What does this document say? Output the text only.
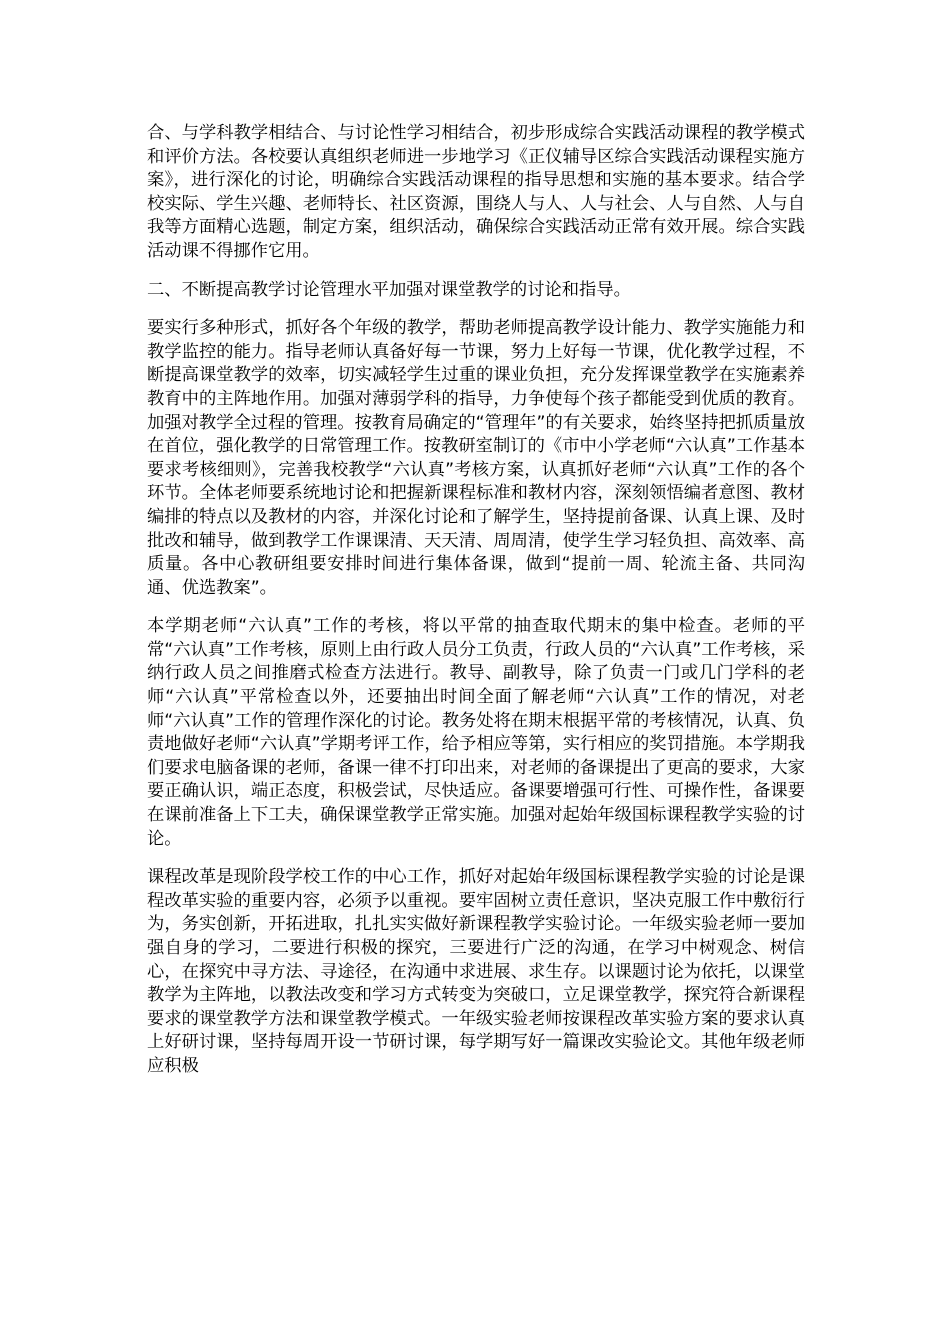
合、与学科教学相结合、与讨论性学习相结合，初步形成综合实践活动课程的教学模式和评价方法。各校要认真组织老师进一步地学习《正仪辅导区综合实践活动课程实施方案》，进行深化的讨论，明确综合实践活动课程的指导思想和实施的基本要求。结合学校实际、学生兴趣、老师特长、社区资源，围绕人与人、人与社会、人与自然、人与自我等方面精心选题，制定方案，组织活动，确保综合实践活动正常有效开展。综合实践活动课不得挪作它用。

二、不断提高教学讨论管理水平加强对课堂教学的讨论和指导。

要实行多种形式，抓好各个年级的教学，帮助老师提高教学设计能力、教学实施能力和教学监控的能力。指导老师认真备好每一节课，努力上好每一节课，优化教学过程，不断提高课堂教学的效率，切实减轻学生过重的课业负担，充分发挥课堂教学在实施素养教育中的主阵地作用。加强对薄弱学科的指导，力争使每个孩子都能受到优质的教育。加强对教学全过程的管理。按教育局确定的“管理年”的有关要求，始终坚持把抓质量放在首位，强化教学的日常管理工作。按教研室制订的《市中小学老师“六认真”工作基本要求考核细则》，完善我校教学“六认真”考核方案，认真抓好老师“六认真”工作的各个环节。全体老师要系统地讨论和把握新课程标准和教材内容，深刻领悟编者意图、教材编排的特点以及教材的内容，并深化讨论和了解学生，坚持提前备课、认真上课、及时批改和辅导，做到教学工作课课清、天天清、周周清，使学生学习轻负担、高效率、高质量。各中心教研组要安排时间进行集体备课，做到“提前一周、轮流主备、共同沟通、优选教案”。

本学期老师“六认真”工作的考核，将以平常的抽查取代期末的集中检查。老师的平常“六认真”工作考核，原则上由行政人员分工负责，行政人员的“六认真”工作考核，采纳行政人员之间推磨式检查方法进行。教导、副教导，除了负责一门或几门学科的老师“六认真”平常检查以外，还要抽出时间全面了解老师“六认真”工作的情况，对老师“六认真”工作的管理作深化的讨论。教务处将在期末根据平常的考核情况，认真、负责地做好老师“六认真”学期考评工作，给予相应等第，实行相应的奖罚措施。本学期我们要求电脑备课的老师，备课一律不打印出来，对老师的备课提出了更高的要求，大家要正确认识，端正态度，积极尝试，尽快适应。备课要增强可行性、可操作性，备课要在课前准备上下工夫，确保课堂教学正常实施。加强对起始年级国标课程教学实验的讨论。

课程改革是现阶段学校工作的中心工作，抓好对起始年级国标课程教学实验的讨论是课程改革实验的重要内容，必须予以重视。要牢固树立责任意识，坚决克服工作中敷衍行为，务实创新，开拓进取，扎扎实实做好新课程教学实验讨论。一年级实验老师一要加强自身的学习，二要进行积极的探究，三要进行广泛的沟通，在学习中树观念、树信心，在探究中寻方法、寻途径，在沟通中求进展、求生存。以课题讨论为依托，以课堂教学为主阵地，以教法改变和学习方式转变为突破口，立足课堂教学，探究符合新课程要求的课堂教学方法和课堂教学模式。一年级实验老师按课程改革实验方案的要求认真上好研讨课，坚持每周开设一节研讨课，每学期写好一篇课改实验论文。其他年级老师应积极
